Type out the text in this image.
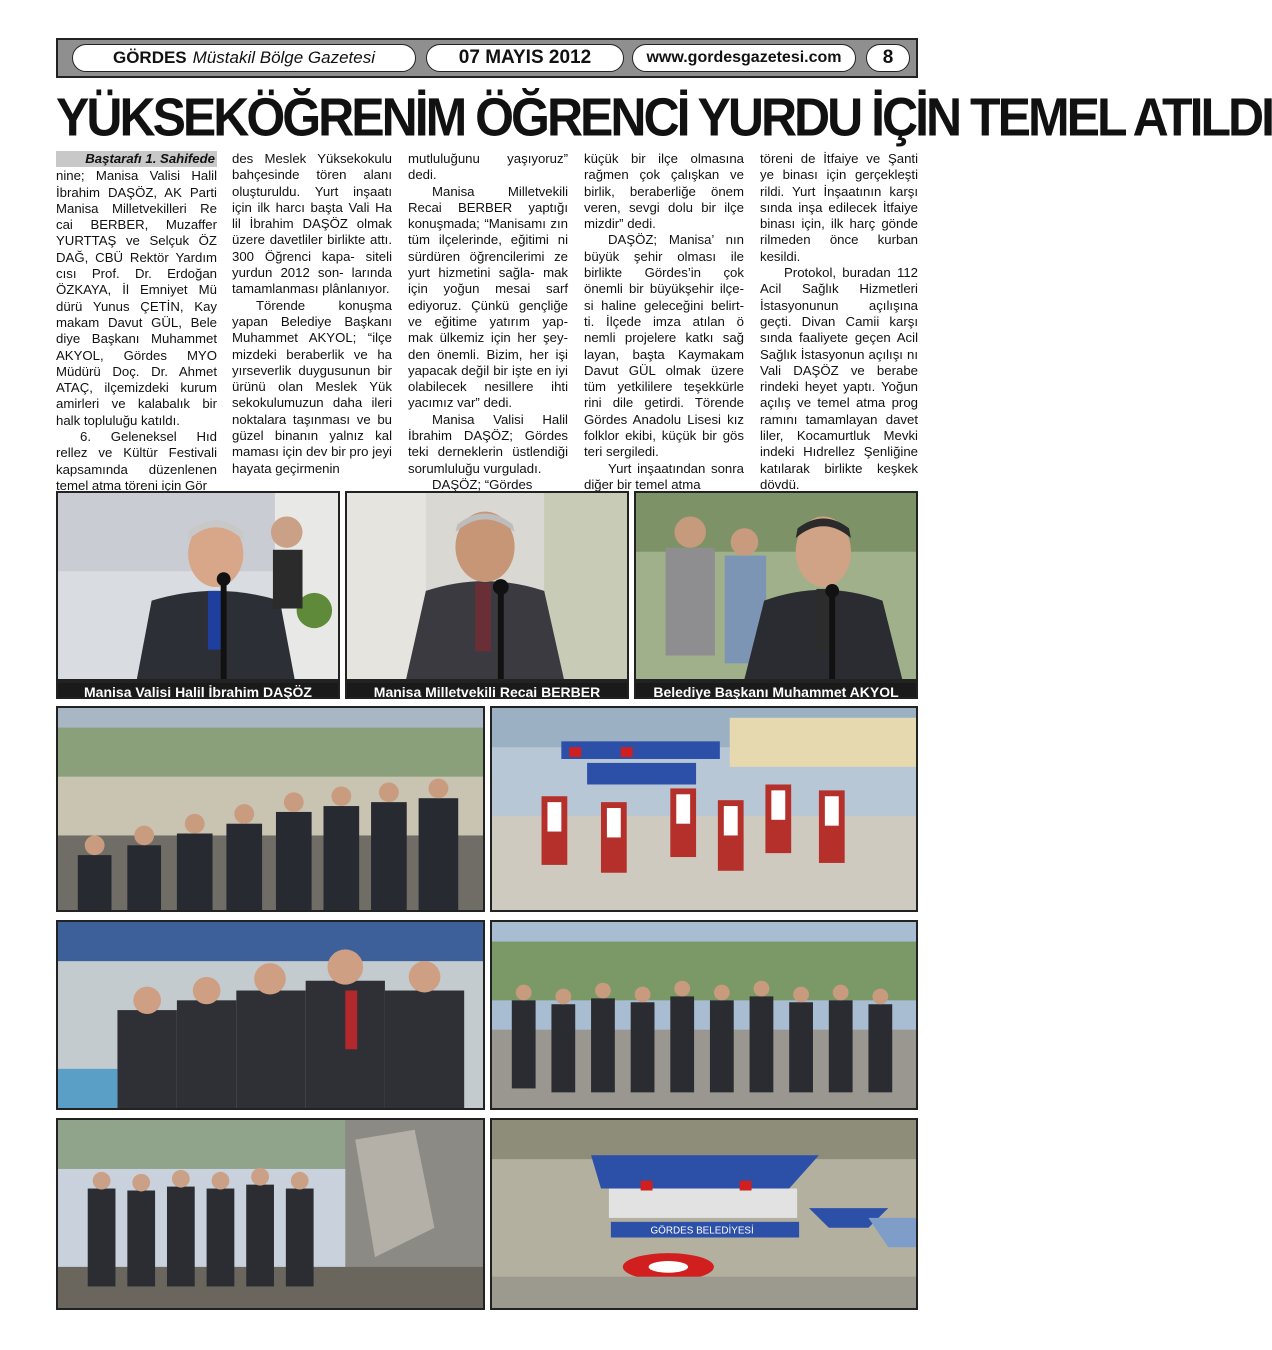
GÖRDES Müstakil Bölge Gazetesi	07 MAYIS 2012	www.gordesgazetesi.com	8
YÜKSEKÖĞRENİM ÖĞRENCİ YURDU İÇİN TEMEL ATILDI
Baştarafı 1. Sahifede

nine; Manisa Valisi Halil İbrahim DAŞÖZ, AK Parti Manisa Milletvekilleri Re cai BERBER, Muzaffer YURTTAŞ ve Selçuk ÖZ DAĞ, CBÜ Rektör Yardım cısı Prof. Dr. Erdoğan ÖZKAYA, İl Emniyet Mü dürü Yunus ÇETİN, Kay makam Davut GÜL, Bele diye Başkanı Muhammet AKYOL, Gördes MYO Müdürü Doç. Dr. Ahmet ATAÇ, ilçemizdeki kurum amirleri ve kalabalık bir halk topluluğu katıldı.

6. Geleneksel Hıd rellez ve Kültür Festivali kapsamında düzenlenen temel atma töreni için Gör

des Meslek Yüksekokulu bahçesinde tören alanı oluşturuldu. Yurt inşaatı için ilk harcı başta Vali Ha lil İbrahim DAŞÖZ olmak üzere davetliler birlikte attı. 300 Öğrenci kapa- siteli yurdun 2012 son- larında tamamlanması plânlanıyor.

Törende konuşma yapan Belediye Başkanı Muhammet AKYOL; “ilçe mizdeki beraberlik ve ha yırseverlik duygusunun bir ürünü olan Meslek Yük sekokulumuzun daha ileri noktalara taşınması ve bu güzel binanın yalnız kal maması için dev bir pro jeyi hayata geçirmenin

mutluluğunu yaşıyoruz” dedi.

Manisa Milletvekili Recai BERBER yaptığı konuşmada; “Manisamı zın tüm ilçelerinde, eğitimi ni sürdüren öğrencilerimi ze yurt hizmetini sağla- mak için yoğun mesai sarf ediyoruz. Çünkü gençliğe ve eğitime yatırım yap- mak ülkemiz için her şey- den önemli. Bizim, her işi yapacak değil bir işte en iyi olabilecek nesillere ihti yacımız var” dedi.

Manisa Valisi Halil İbrahim DAŞÖZ; Gördes teki derneklerin üstlendiği sorumluluğu vurguladı.

DAŞÖZ; “Gördes

küçük bir ilçe olmasına rağmen çok çalışkan ve birlik, beraberliğe önem veren, sevgi dolu bir ilçe mizdir” dedi.

DAŞÖZ; Manisa’ nın büyük şehir olması ile birlikte Gördes’in çok önemli bir büyükşehir ilçe- si haline geleceğini belirt- ti. İlçede imza atılan ö nemli projelere katkı sağ layan, başta Kaymakam Davut GÜL olmak üzere tüm yetkililere teşekkürle rini dile getirdi. Törende Gördes Anadolu Lisesi kız folklor ekibi, küçük bir gös teri sergiledi.

Yurt inşaatından sonra diğer bir temel atma

töreni de İtfaiye ve Şanti ye binası için gerçekleşti rildi. Yurt İnşaatının karşı sında inşa edilecek İtfaiye binası için, ilk harç gönde rilmeden önce kurban kesildi.

Protokol, buradan 112 Acil Sağlık Hizmetleri İstasyonunun açılışına geçti. Divan Camii karşı sında faaliyete geçen Acil Sağlık İstasyonun açılışı nı Vali DAŞÖZ ve berabe rindeki heyet yaptı. Yoğun açılış ve temel atma prog ramını tamamlayan davet liler, Kocamurtluk Mevki indeki Hıdrellez Şenliğine katılarak birlikte keşkek dövdü.

Manisa Valisi Halil İbrahim DAŞÖZ	Manisa Milletvekili Recai BERBER	Belediye Başkanı Muhammet AKYOL
GÖRDES BELEDİYESİ
